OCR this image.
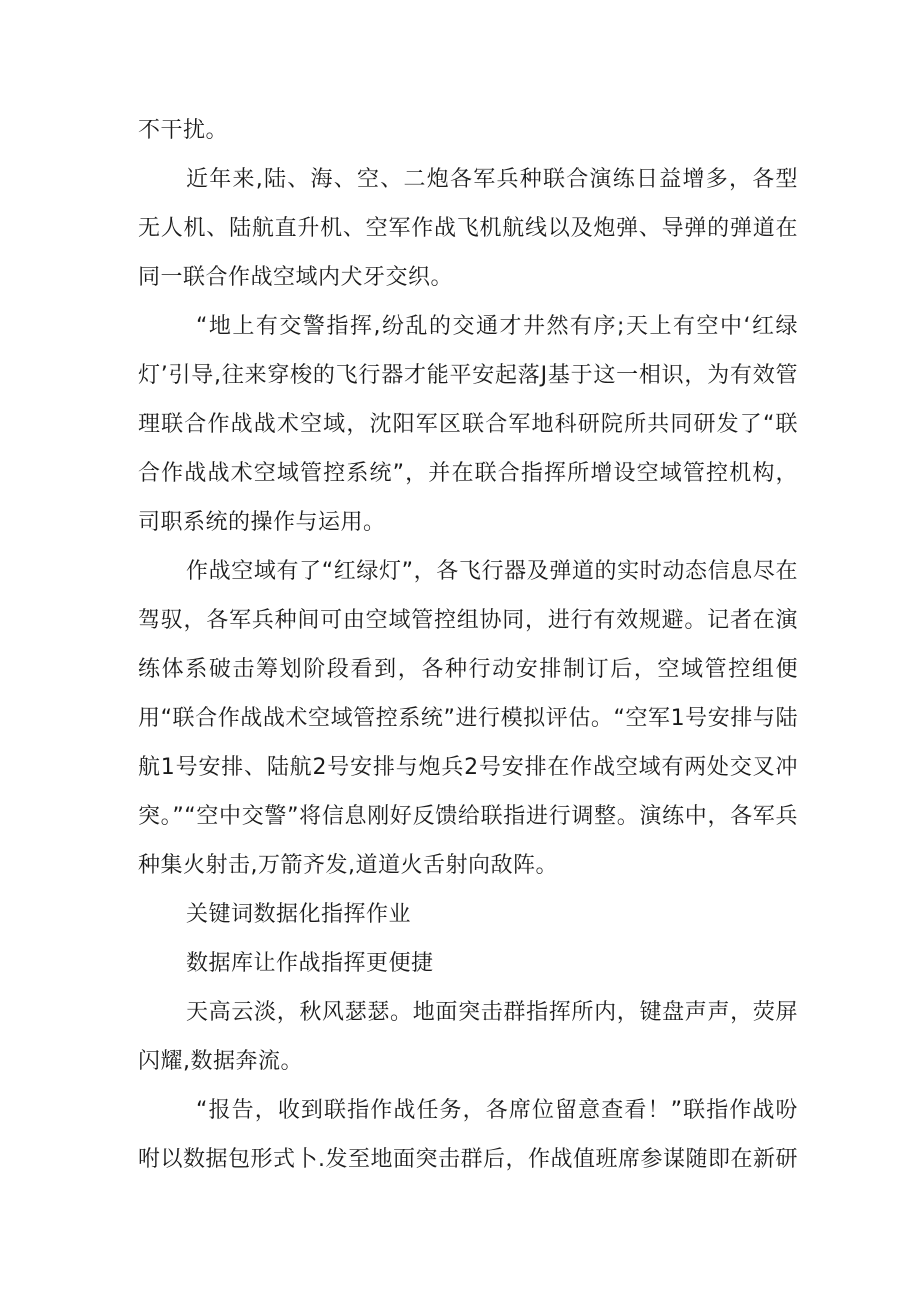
不干扰。

近年来,陆、海、空、二炮各军兵种联合演练日益增多，各型无人机、陆航直升机、空军作战飞机航线以及炮弹、导弹的弹道在同一联合作战空域内犬牙交织。

“地上有交警指挥,纷乱的交通才井然有序;天上有空中‘红绿灯’引导,往来穿梭的飞行器才能平安起落J基于这一相识，为有效管理联合作战战术空域，沈阳军区联合军地科研院所共同研发了“联合作战战术空域管控系统”，并在联合指挥所增设空域管控机构，司职系统的操作与运用。

作战空域有了“红绿灯”，各飞行器及弹道的实时动态信息尽在驾驭，各军兵种间可由空域管控组协同，进行有效规避。记者在演练体系破击筹划阶段看到，各种行动安排制订后，空域管控组便用“联合作战战术空域管控系统”进行模拟评估。“空军1号安排与陆航1号安排、陆航2号安排与炮兵2号安排在作战空域有两处交叉冲突。”“空中交警”将信息刚好反馈给联指进行调整。演练中，各军兵种集火射击,万箭齐发,道道火舌射向敌阵。

关键词数据化指挥作业

数据库让作战指挥更便捷

天高云淡，秋风瑟瑟。地面突击群指挥所内，键盘声声，荧屏闪耀,数据奔流。

“报告，收到联指作战任务，各席位留意查看！”联指作战吩咐以数据包形式卜.发至地面突击群后，作战值班席参谋随即在新研
